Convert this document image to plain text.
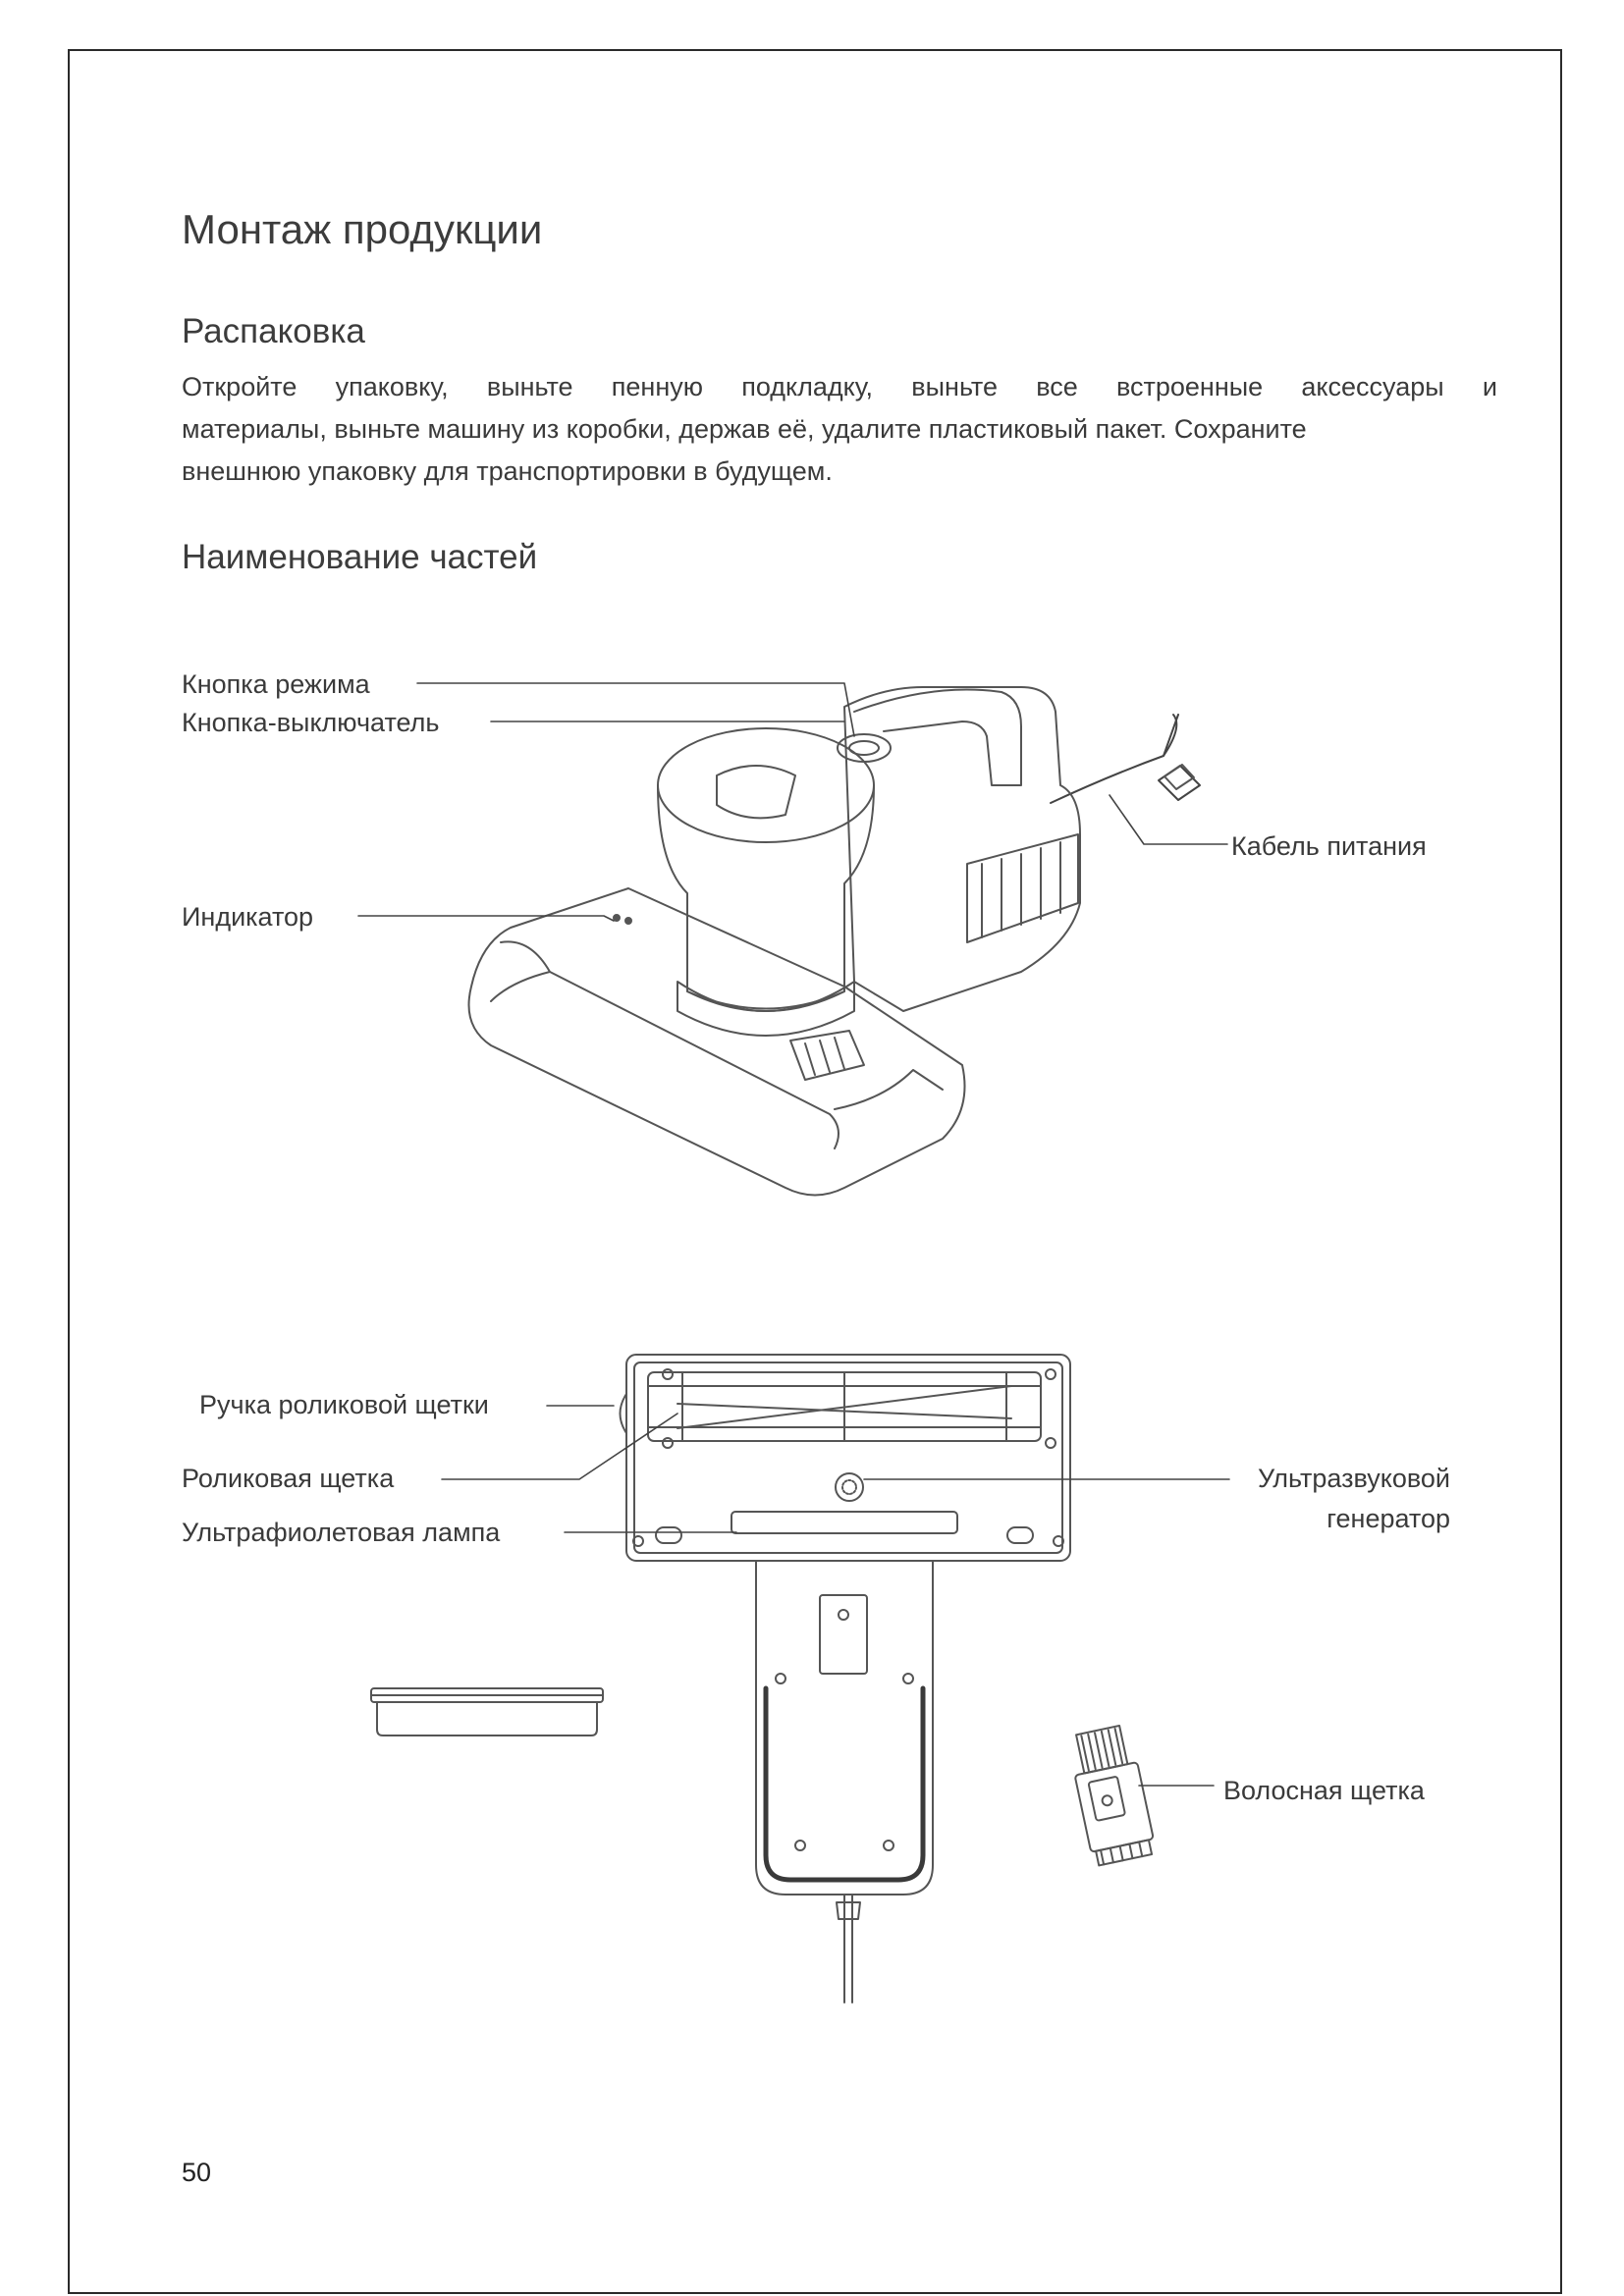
Монтаж продукции
Распаковка

Откройте упаковку, выньте пенную подкладку, выньте все встроенные аксессуары и

материалы, выньте машину из коробки, держав её, удалите пластиковый пакет. Сохраните

внешнюю упаковку для транспортировки в будущем.

Наименование частей
Кнопка режима
Кнопка-выключатель
Кабель питания
Индикатор
Ручка роликовой щетки
Роликовая щетка
Ультрафиолетовая лампа
Ультразвуковой
генератор
Волосная щетка
50
